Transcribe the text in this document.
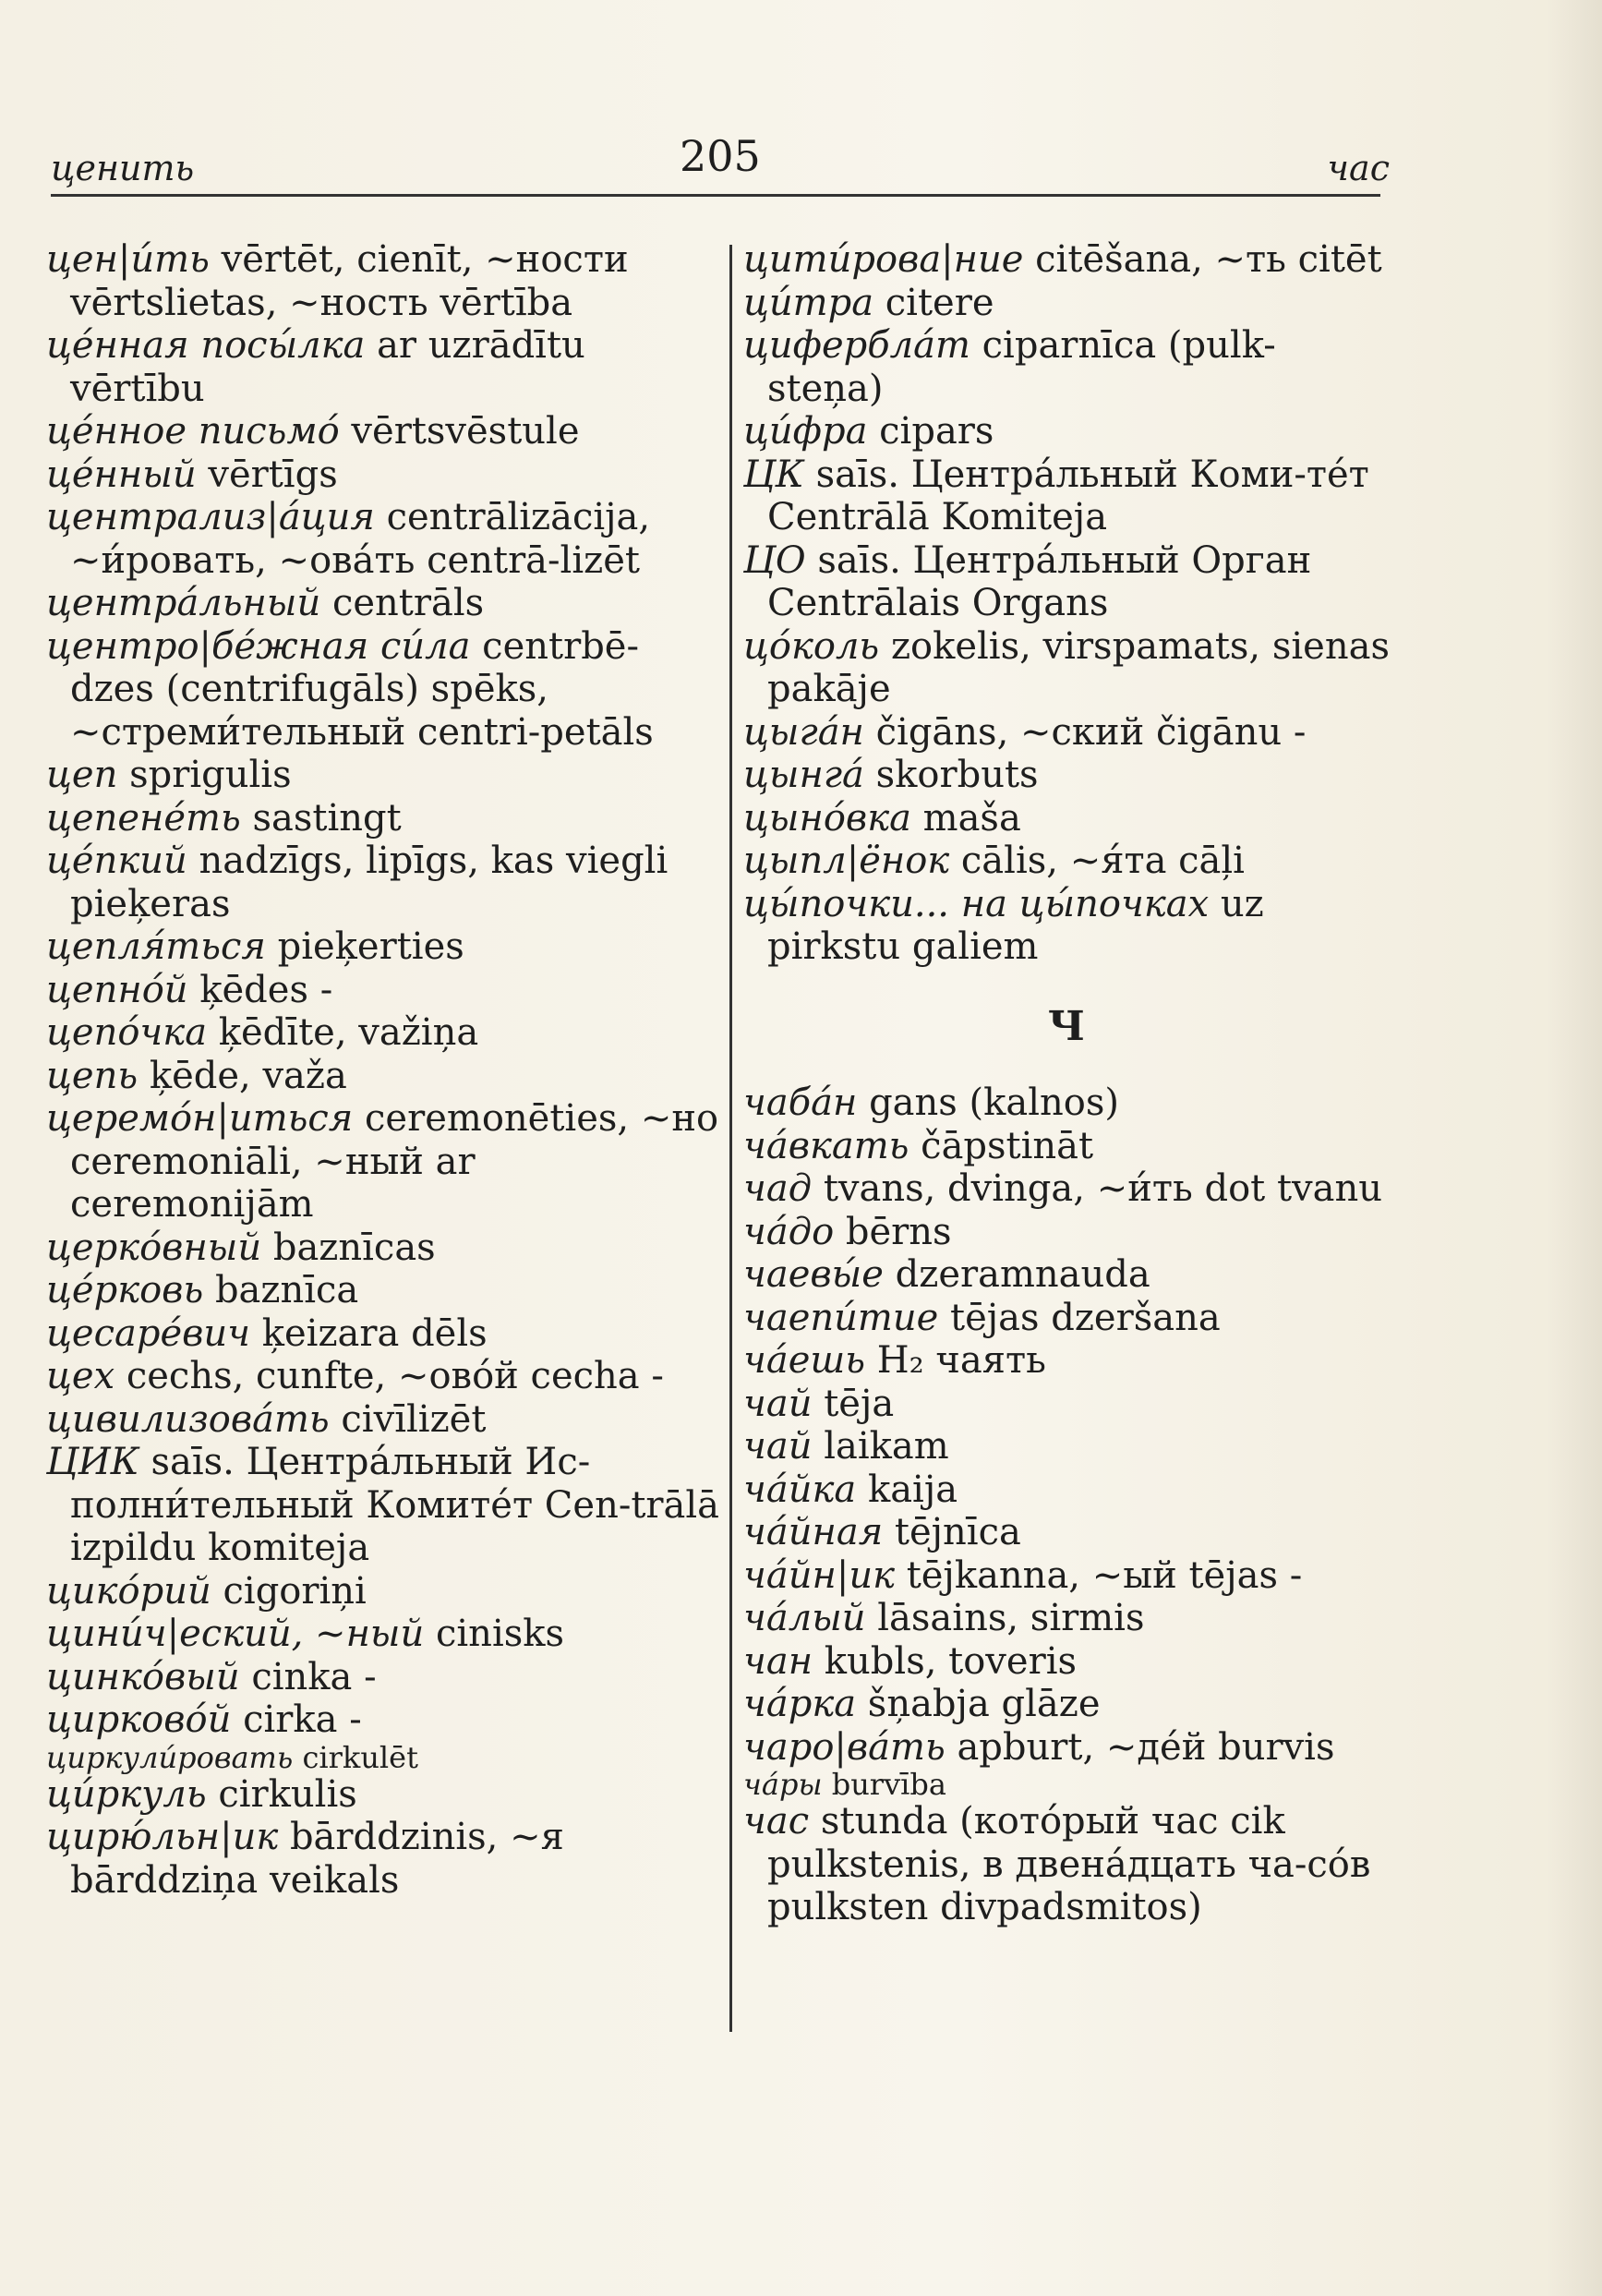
ценить	205	час

цен|и́ть vērtēt, cienīt, ~ности vērtslietas, ~ность vērtība

це́нная посы́лка ar uzrādītu vērtību

це́нное письмо́ vērtsvēstule

це́нный vērtīgs

централиз|а́ция centrālizācija, ~и́ровать, ~ова́ть centrā-lizēt

центра́льный centrāls

центро|бе́жная си́ла centrbē-dzes (centrifugāls) spēks, ~стреми́тельный centri-petāls

цеп sprigulis

цепене́ть sastingt

це́пкий nadzīgs, lipīgs, kas viegli pieķeras

цепля́ться pieķerties

цепно́й ķēdes -

цепо́чка ķēdīte, važiņa

цепь ķēde, važa

церемо́н|иться ceremonēties, ~но ceremoniāli, ~ный ar ceremonijām

церко́вный baznīcas

це́рковь baznīca

цесаре́вич ķeizara dēls

цех cechs, cunfte, ~ово́й cecha -

цивилизова́ть civīlizēt

ЦИК saīs. Центра́льный Ис-полни́тельный Комите́т Cen-trālā izpildu komiteja

цико́рий cigoriņi

цини́ч|еский, ~ный cinisks

цинко́вый cinka -

цирково́й cirka -

циркули́ровать cirkulēt

ци́ркуль cirkulis

цирю́льн|ик bārddzinis, ~я bārddziņa veikals

цити́рова|ние citēšana, ~ть citēt

ци́тра citere

цифербла́т ciparnīca (pulk-steņa)

ци́фра cipars

ЦК saīs. Центра́льный Коми-те́т Centrālā Komiteja

ЦО saīs. Центра́льный Орган Centrālais Organs

цо́коль zokelis, virspamats, sienas pakāje

цыга́н čigāns, ~ский čigānu -

цынга́ skorbuts

цыно́вка maša

цыпл|ёнок cālis, ~я́та cāļi

цы́почки... на цы́почках uz pirkstu galiem

Ч

чаба́н gans (kalnos)

ча́вкать čāpstināt

чад tvans, dvinga, ~и́ть dot tvanu

ча́до bērns

чаевы́е dzeramnauda

чаепи́тие tējas dzeršana

ча́ешь H₂ чаять

чай tēja

чай laikam

ча́йка kaija

ча́йная tējnīca

ча́йн|ик tējkanna, ~ый tējas -

ча́лый lāsains, sirmis

чан kubls, toveris

ча́рка šņabja glāze

чаро|ва́ть apburt, ~де́й burvis

ча́ры burvība

час stunda (кото́рый час cik pulkstenis, в двена́дцать ча-со́в pulksten divpadsmitos)
